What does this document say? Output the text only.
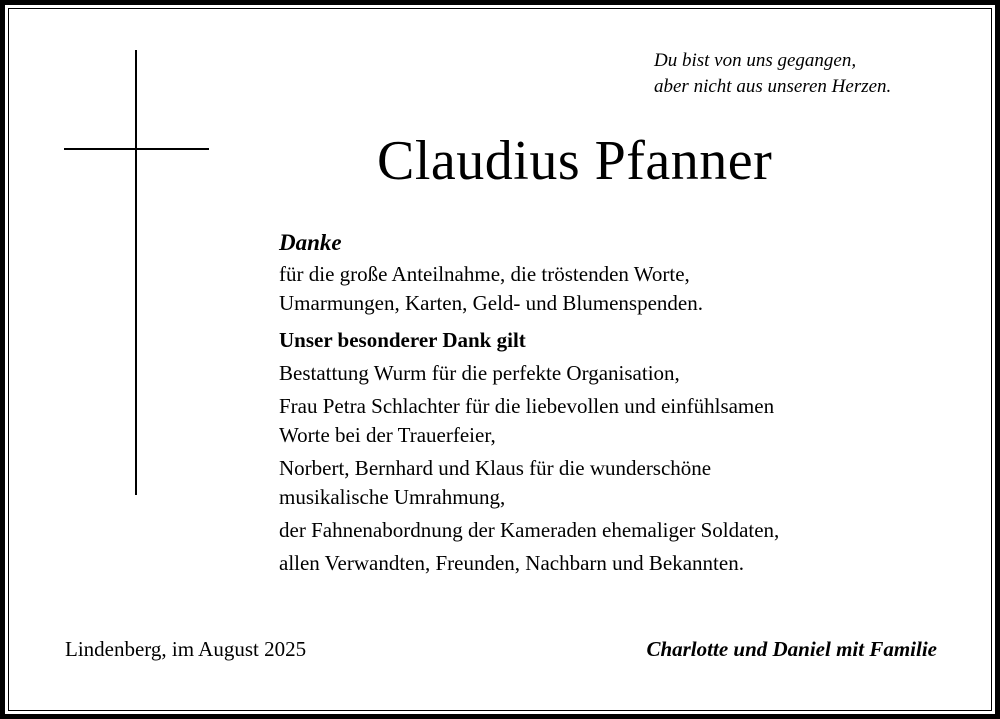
Du bist von uns gegangen,
aber nicht aus unseren Herzen.
Claudius Pfanner
Danke
für die große Anteilnahme, die tröstenden Worte,
Umarmungen, Karten, Geld- und Blumenspenden.
Unser besonderer Dank gilt
Bestattung Wurm für die perfekte Organisation,
Frau Petra Schlachter für die liebevollen und einfühlsamen
Worte bei der Trauerfeier,
Norbert, Bernhard und Klaus für die wunderschöne
musikalische Umrahmung,
der Fahnenabordnung der Kameraden ehemaliger Soldaten,
allen Verwandten, Freunden, Nachbarn und Bekannten.
Lindenberg, im August 2025	Charlotte und Daniel mit Familie
